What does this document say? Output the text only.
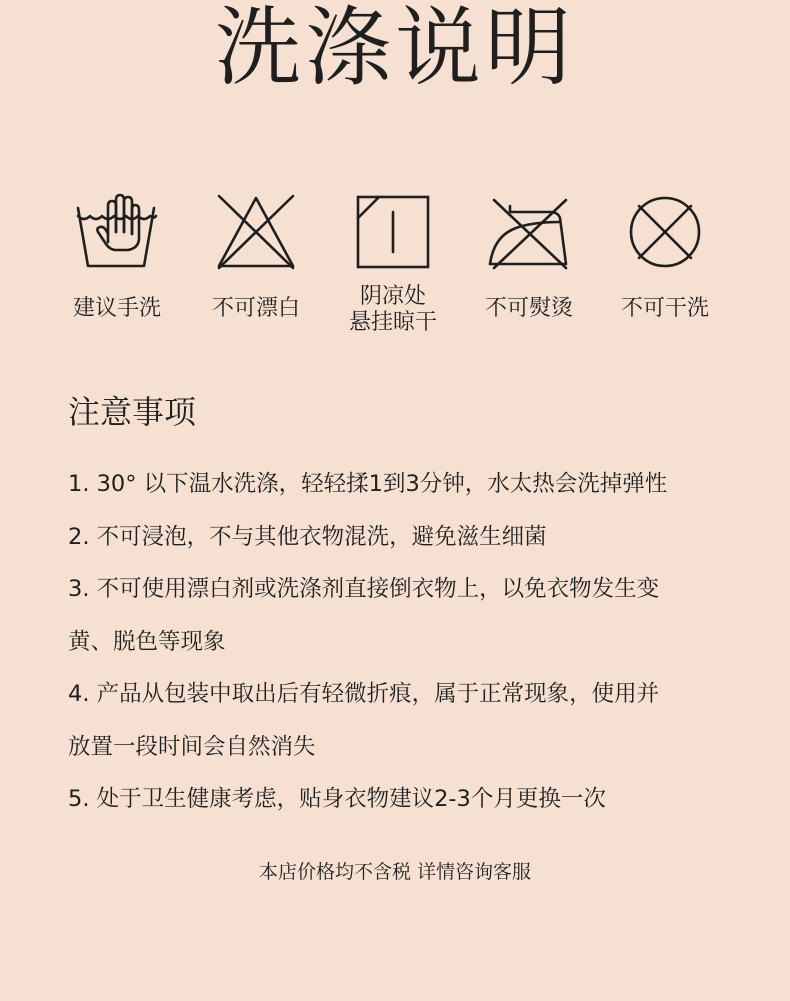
洗涤说明
建议手洗	不可漂白	阴凉处
悬挂晾干
不可熨烫	不可干洗
注意事项

1. 30° 以下温水洗涤，轻轻揉1到3分钟，水太热会洗掉弹性

2. 不可浸泡，不与其他衣物混洗，避免滋生细菌

3. 不可使用漂白剂或洗涤剂直接倒衣物上，以免衣物发生变

黄、脱色等现象

4. 产品从包装中取出后有轻微折痕，属于正常现象，使用并

放置一段时间会自然消失

5. 处于卫生健康考虑，贴身衣物建议2-3个月更换一次

本店价格均不含税 详情咨询客服
